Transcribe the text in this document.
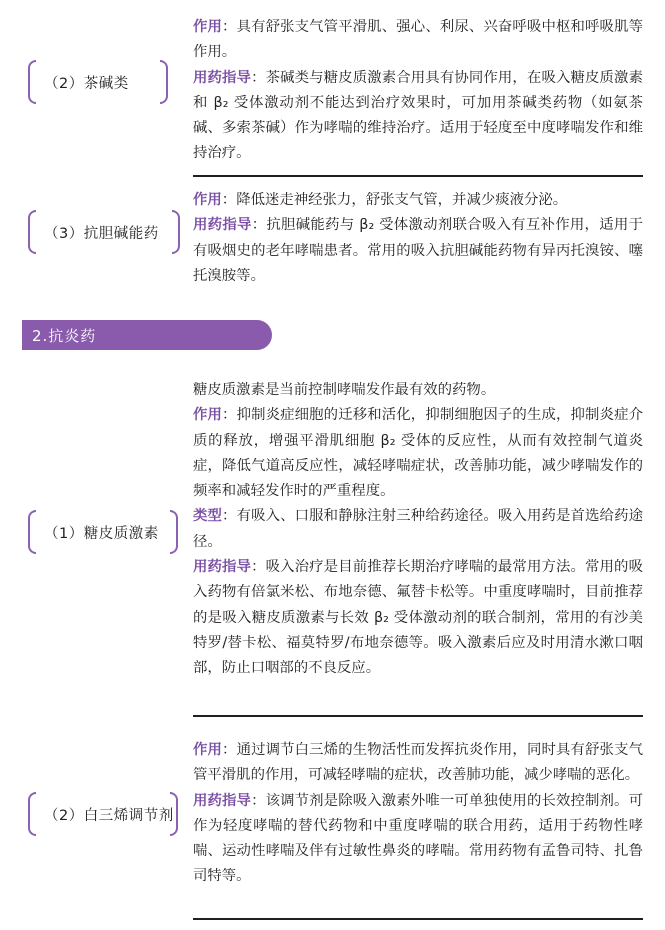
作用：具有舒张支气管平滑肌、强心、利尿、兴奋呼吸中枢和呼吸肌等作用。

用药指导：茶碱类与糖皮质激素合用具有协同作用，在吸入糖皮质激素和 β₂ 受体激动剂不能达到治疗效果时，可加用茶碱类药物（如氨茶碱、多索茶碱）作为哮喘的维持治疗。适用于轻度至中度哮喘发作和维持治疗。

（2）茶碱类

作用：降低迷走神经张力，舒张支气管，并减少痰液分泌。

用药指导：抗胆碱能药与 β₂ 受体激动剂联合吸入有互补作用，适用于有吸烟史的老年哮喘患者。常用的吸入抗胆碱能药物有异丙托溴铵、噻托溴胺等。

（3）抗胆碱能药
2.抗炎药

糖皮质激素是当前控制哮喘发作最有效的药物。

作用：抑制炎症细胞的迁移和活化，抑制细胞因子的生成，抑制炎症介质的释放，增强平滑肌细胞 β₂ 受体的反应性，从而有效控制气道炎症，降低气道高反应性，减轻哮喘症状，改善肺功能，减少哮喘发作的频率和减轻发作时的严重程度。

类型：有吸入、口服和静脉注射三种给药途径。吸入用药是首选给药途径。

用药指导：吸入治疗是目前推荐长期治疗哮喘的最常用方法。常用的吸入药物有倍氯米松、布地奈德、氟替卡松等。中重度哮喘时，目前推荐的是吸入糖皮质激素与长效 β₂ 受体激动剂的联合制剂，常用的有沙美特罗/替卡松、福莫特罗/布地奈德等。吸入激素后应及时用清水漱口咽部，防止口咽部的不良反应。

（1）糖皮质激素

作用：通过调节白三烯的生物活性而发挥抗炎作用，同时具有舒张支气管平滑肌的作用，可减轻哮喘的症状，改善肺功能，减少哮喘的恶化。

用药指导：该调节剂是除吸入激素外唯一可单独使用的长效控制剂。可作为轻度哮喘的替代药物和中重度哮喘的联合用药，适用于药物性哮喘、运动性哮喘及伴有过敏性鼻炎的哮喘。常用药物有孟鲁司特、扎鲁司特等。

（2）白三烯调节剂
